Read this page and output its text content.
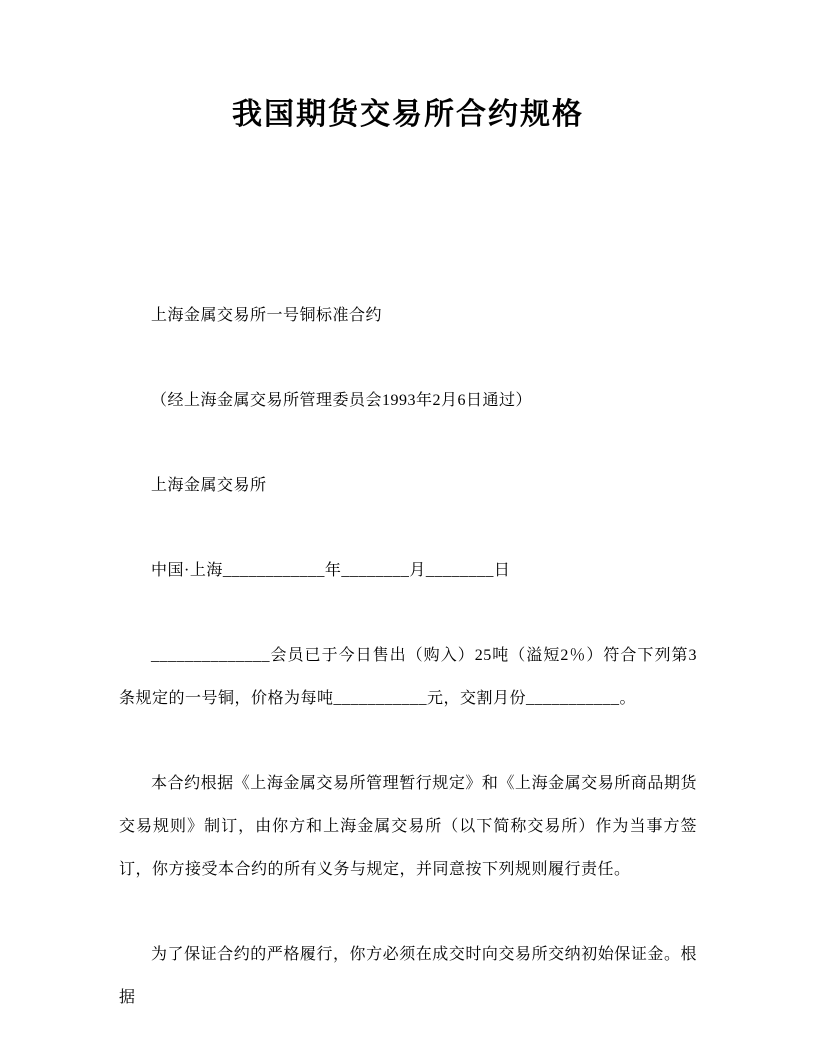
我国期货交易所合约规格

上海金属交易所一号铜标准合约

（经上海金属交易所管理委员会1993年2月6日通过）

上海金属交易所

中国·上海____________年________月________日

______________会员已于今日售出（购入）25吨（溢短2％）符合下列第3条规定的一号铜，价格为每吨___________元，交割月份___________。

本合约根据《上海金属交易所管理暂行规定》和《上海金属交易所商品期货交易规则》制订，由你方和上海金属交易所（以下简称交易所）作为当事方签订，你方接受本合约的所有义务与规定，并同意按下列规则履行责任。

为了保证合约的严格履行，你方必须在成交时向交易所交纳初始保证金。根据
